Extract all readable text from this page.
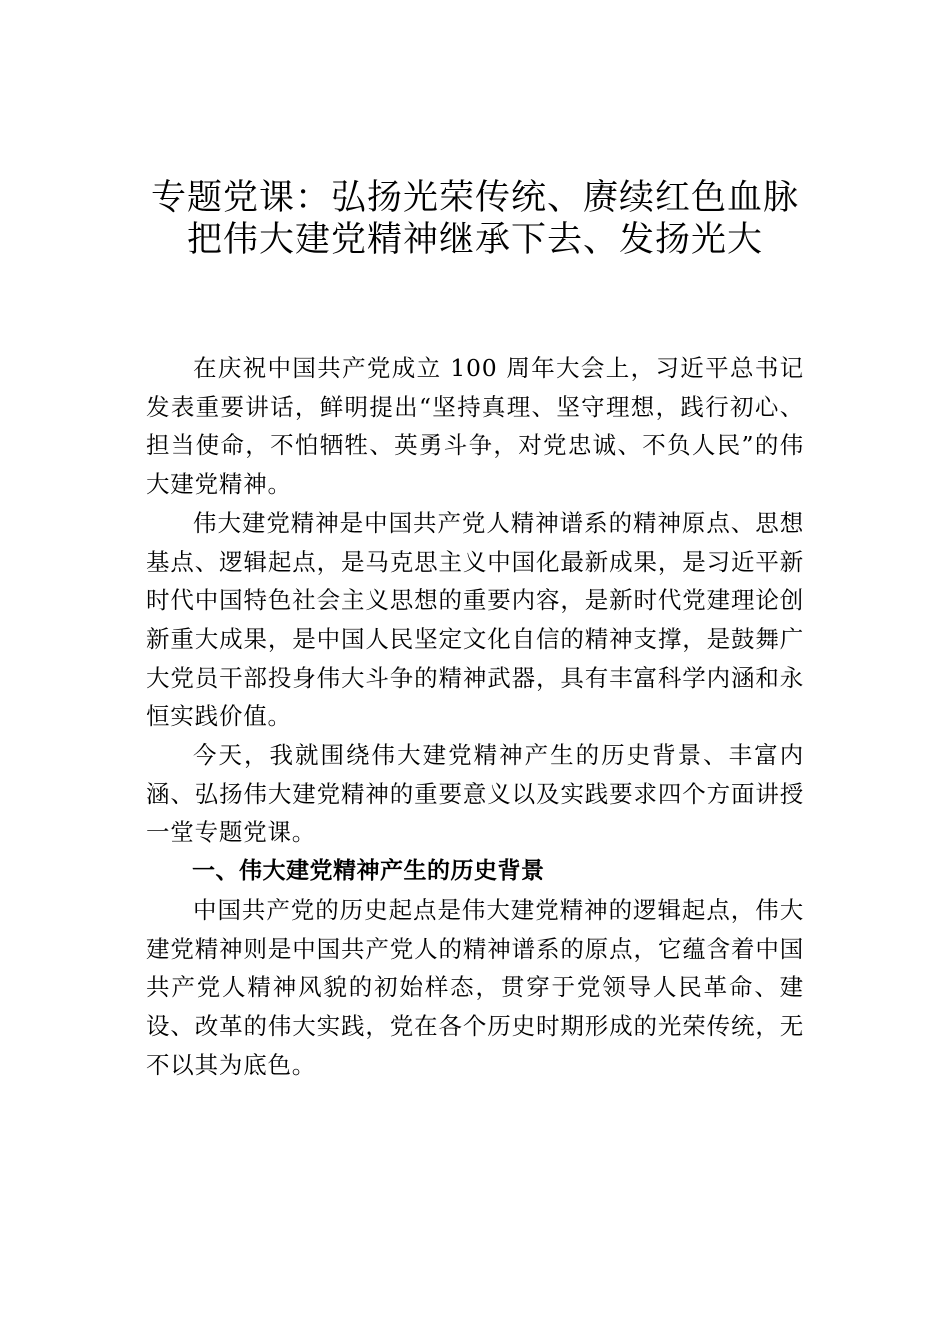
专题党课：弘扬光荣传统、赓续红色血脉
把伟大建党精神继承下去、发扬光大

在庆祝中国共产党成立 100 周年大会上，习近平总书记发表重要讲话，鲜明提出“坚持真理、坚守理想，践行初心、担当使命，不怕牺牲、英勇斗争，对党忠诚、不负人民”的伟大建党精神。

伟大建党精神是中国共产党人精神谱系的精神原点、思想基点、逻辑起点，是马克思主义中国化最新成果，是习近平新时代中国特色社会主义思想的重要内容，是新时代党建理论创新重大成果，是中国人民坚定文化自信的精神支撑，是鼓舞广大党员干部投身伟大斗争的精神武器，具有丰富科学内涵和永恒实践价值。

今天，我就围绕伟大建党精神产生的历史背景、丰富内涵、弘扬伟大建党精神的重要意义以及实践要求四个方面讲授一堂专题党课。

一、伟大建党精神产生的历史背景

中国共产党的历史起点是伟大建党精神的逻辑起点，伟大建党精神则是中国共产党人的精神谱系的原点，它蕴含着中国共产党人精神风貌的初始样态，贯穿于党领导人民革命、建设、改革的伟大实践，党在各个历史时期形成的光荣传统，无不以其为底色。
